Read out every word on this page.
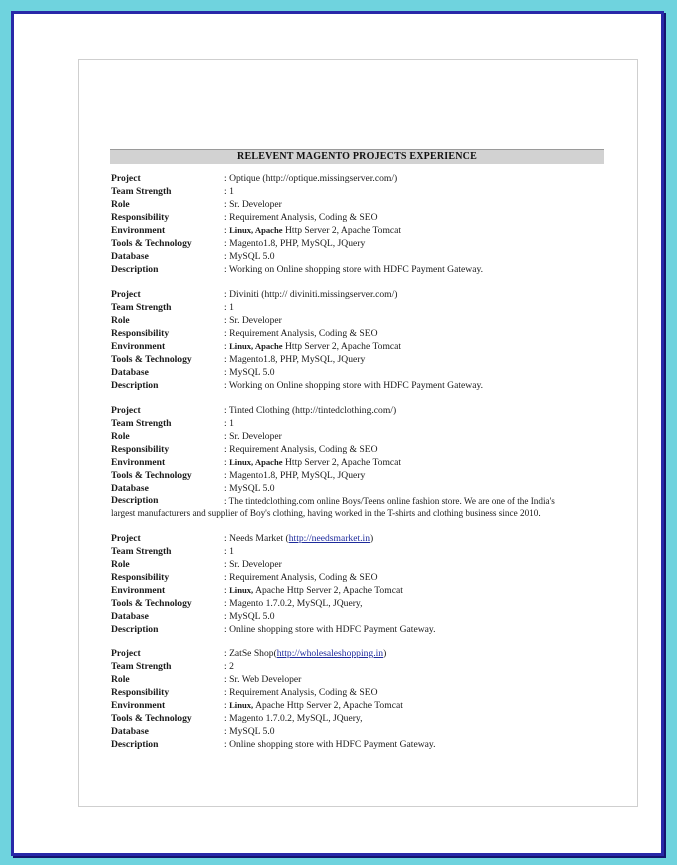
RELEVENT MAGENTO PROJECTS EXPERIENCE
Project	: Optique (http://optique.missingserver.com/)
Team Strength	: 1
Role	: Sr. Developer
Responsibility	: Requirement Analysis, Coding & SEO
Environment	: Linux, Apache Http Server 2, Apache Tomcat
Tools & Technology	: Magento1.8, PHP, MySQL, JQuery
Database	: MySQL 5.0
Description	: Working on Online shopping store with HDFC Payment Gateway.
Project	: Diviniti (http:// diviniti.missingserver.com/)
Team Strength	: 1
Role	: Sr. Developer
Responsibility	: Requirement Analysis, Coding & SEO
Environment	: Linux, Apache Http Server 2, Apache Tomcat
Tools & Technology	: Magento1.8, PHP, MySQL, JQuery
Database	: MySQL 5.0
Description	: Working on Online shopping store with HDFC Payment Gateway.
Project	: Tinted Clothing (http://tintedclothing.com/)
Team Strength	: 1
Role	: Sr. Developer
Responsibility	: Requirement Analysis, Coding & SEO
Environment	: Linux, Apache Http Server 2, Apache Tomcat
Tools & Technology	: Magento1.8, PHP, MySQL, JQuery
Database	: MySQL 5.0
Description	: The tintedclothing.com online Boys/Teens online fashion store. We are one of the India's
largest manufacturers and supplier of Boy's clothing, having worked in the T-shirts and clothing business since 2010.
Project	: Needs Market (http://needsmarket.in)
Team Strength	: 1
Role	: Sr. Developer
Responsibility	: Requirement Analysis, Coding & SEO
Environment	: Linux, Apache Http Server 2, Apache Tomcat
Tools & Technology	: Magento 1.7.0.2, MySQL, JQuery,
Database	: MySQL 5.0
Description	: Online shopping store with HDFC Payment Gateway.
Project	: ZatSe Shop(http://wholesaleshopping.in)
Team Strength	: 2
Role	: Sr. Web Developer
Responsibility	: Requirement Analysis, Coding & SEO
Environment	: Linux, Apache Http Server 2, Apache Tomcat
Tools & Technology	: Magento 1.7.0.2, MySQL, JQuery,
Database	: MySQL 5.0
Description	: Online shopping store with HDFC Payment Gateway.
